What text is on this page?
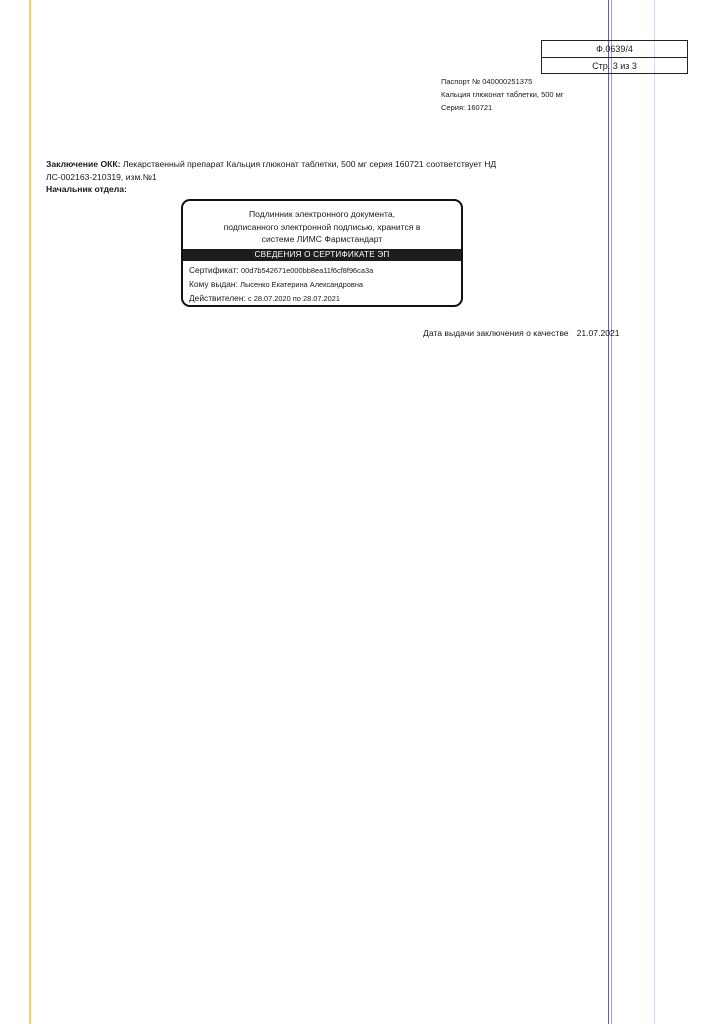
Ф.0639/4
Стр. 3 из 3
Паспорт № 040000251375
Кальция глюконат таблетки, 500 мг
Серия: 160721
Заключение ОКК: Лекарственный препарат Кальция глюконат таблетки, 500 мг серия 160721 соответствует НД ЛС-002163-210319, изм.№1
Начальник отдела:
Подлинник электронного документа,
подписанного электронной подписью, хранится в
системе ЛИМС Фармстандарт
СВЕДЕНИЯ О СЕРТИФИКАТЕ ЭП
Сертификат: 00d7b542671e000bb8ea11f6cf8f96ca3a
Кому выдан: Лысенко Екатерина Александровна
Действителен: с 28.07.2020 по 28.07.2021
Дата выдачи заключения о качестве 21.07.2021
